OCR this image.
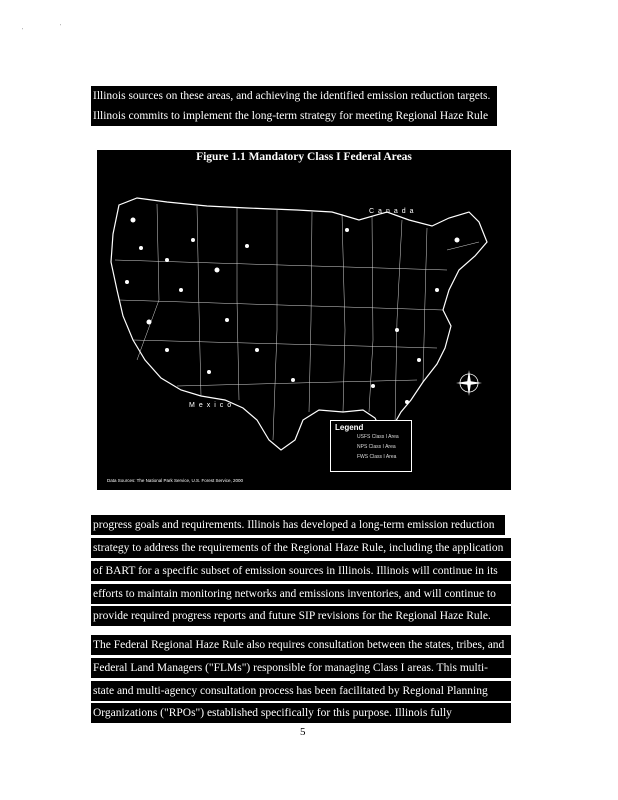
'
'
Illinois sources on these areas, and achieving the identified emission reduction targets.
Illinois commits to implement the long-term strategy for meeting Regional Haze Rule
Figure 1.1 Mandatory Class I Federal Areas
Canada
Mexico
Legend
USFS Class I Area
NPS Class I Area
FWS Class I Area
Data Sources: The National Park Service, U.S. Forest Service, 2000
progress goals and requirements. Illinois has developed a long-term emission reduction
strategy to address the requirements of the Regional Haze Rule, including the application
of BART for a specific subset of emission sources in Illinois. Illinois will continue in its
efforts to maintain monitoring networks and emissions inventories, and will continue to
provide required progress reports and future SIP revisions for the Regional Haze Rule.
The Federal Regional Haze Rule also requires consultation between the states, tribes, and
Federal Land Managers ("FLMs") responsible for managing Class I areas. This multi-
state and multi-agency consultation process has been facilitated by Regional Planning
Organizations ("RPOs") established specifically for this purpose. Illinois fully
5
